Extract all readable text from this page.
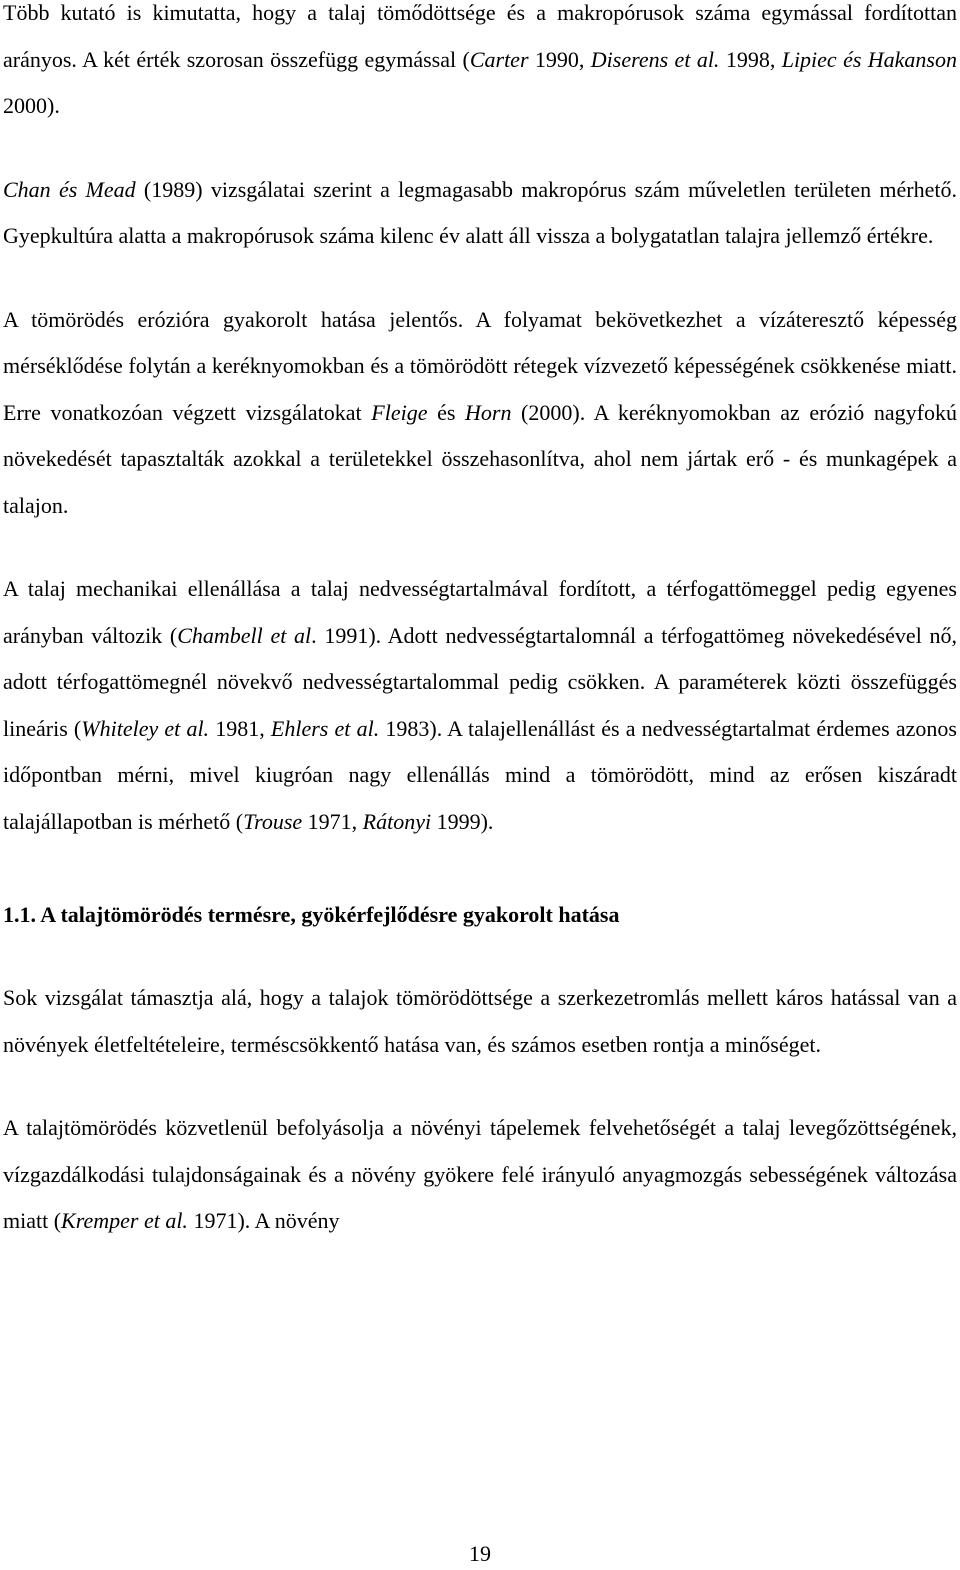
Több kutató is kimutatta, hogy a talaj tömődöttsége és a makropórusok száma egymással fordítottan arányos. A két érték szorosan összefügg egymással (Carter 1990, Diserens et al. 1998, Lipiec és Hakanson 2000).

Chan és Mead (1989) vizsgálatai szerint a legmagasabb makropórus szám műveletlen területen mérhető. Gyepkultúra alatta a makropórusok száma kilenc év alatt áll vissza a bolygatatlan talajra jellemző értékre.

A tömörödés erózióra gyakorolt hatása jelentős. A folyamat bekövetkezhet a vízáteresztő képesség mérséklődése folytán a keréknyomokban és a tömörödött rétegek vízvezető képességének csökkenése miatt. Erre vonatkozóan végzett vizsgálatokat Fleige és Horn (2000). A keréknyomokban az erózió nagyfokú növekedését tapasztalták azokkal a területekkel összehasonlítva, ahol nem jártak erő - és munkagépek a talajon.

A talaj mechanikai ellenállása a talaj nedvességtartalmával fordított, a térfogattömeggel pedig egyenes arányban változik (Chambell et al. 1991). Adott nedvességtartalomnál a térfogattömeg növekedésével nő, adott térfogattömegnél növekvő nedvességtartalommal pedig csökken. A paraméterek közti összefüggés lineáris (Whiteley et al. 1981, Ehlers et al. 1983). A talajellenállást és a nedvességtartalmat érdemes azonos időpontban mérni, mivel kiugróan nagy ellenállás mind a tömörödött, mind az erősen kiszáradt talajállapotban is mérhető (Trouse 1971, Rátonyi 1999).

1.1. A talajtömörödés termésre, gyökérfejlődésre gyakorolt hatása

Sok vizsgálat támasztja alá, hogy a talajok tömörödöttsége a szerkezetromlás mellett káros hatással van a növények életfeltételeire, terméscsökkentő hatása van, és számos esetben rontja a minőséget.

A talajtömörödés közvetlenül befolyásolja a növényi tápelemek felvehetőségét a talaj levegőzöttségének, vízgazdálkodási tulajdonságainak és a növény gyökere felé irányuló anyagmozgás sebességének változása miatt (Kremper et al. 1971). A növény

19
